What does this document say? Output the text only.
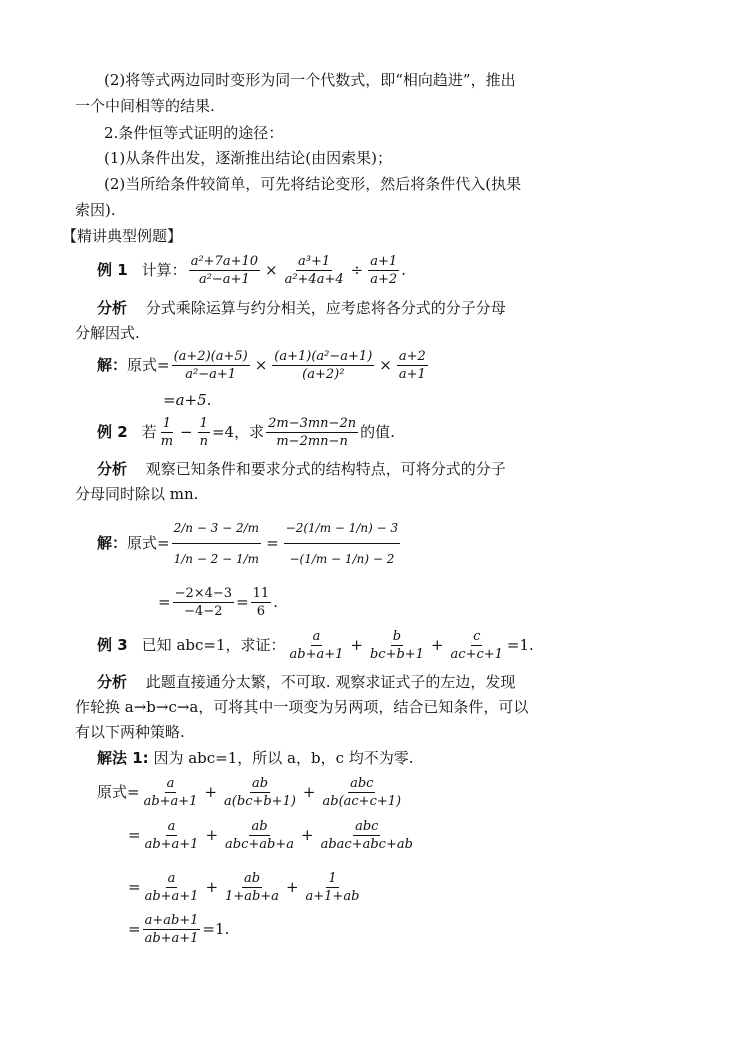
(2)将等式两边同时变形为同一个代数式，即“相向趋进”，推出
一个中间相等的结果.
2.条件恒等式证明的途径：
(1)从条件出发，逐渐推出结论(由因索果)；
(2)当所给条件较简单，可先将结论变形，然后将条件代入(执果
索因).
【精讲典型例题】
例 1 计算： $\frac{\text{a²+7a+10}}{\text{a²−a+1}} \times \frac{\text{a³+1}}{\text{a²+4a+4}} \div \frac{a+1}{a+2}$ .
分析 分式乘除运算与约分相关，应考虑将各分式的分子分母
分解因式.
解： 原式= $\frac{(a+2)(a+5)}{\text{a²−a+1}} \times \frac{\text{(a+1)(a²−a+1)}}{\text{(a+2)²}} \times \frac{a+2}{a+1}$
=a+5.
例 2 若 $\frac{1}{m} - \frac{1}{n} =4$，求 $\frac{2m-3mn-2n}{m-2mn-n}$ 的值.
分析 观察已知条件和要求分式的结构特点，可将分式的分子
分母同时除以 mn.
解： 原式= $\frac{2/n - 3 - 2/m}{1/n - 2 - 1/m} = \frac{-2(1/m - 1/n) - 3}{-(1/m - 1/n) - 2}$
= $\frac{-2\times 4-3}{-4-2} = \frac{11}{6}$ .
例 3 已知 abc=1，求证： $\frac{a}{ab+a+1} + \frac{b}{bc+b+1} + \frac{c}{ac+c+1} =1$.
分析 此题直接通分太繁，不可取. 观察求证式子的左边，发现
作轮换 a→b→c→a，可将其中一项变为另两项，结合已知条件，可以
有以下两种策略.
解法 1: 因为 abc=1，所以 a，b，c 均不为零.
原式= $\frac{a}{ab+a+1} + \frac{ab}{a(bc+b+1)} + \frac{\text{abc}}{ab(ac+c+1)}$
= $\frac{a}{ab+a+1} + \frac{ab}{\text{abc+ab+a}} + \frac{\text{abc}}{\text{abac+abc+ab}}$
= $\frac{a}{ab+a+1} + \frac{ab}{1+ab+a} + \frac{1}{a+1+ab}$
= $\frac{a+ab+1}{ab+a+1} =1$.
